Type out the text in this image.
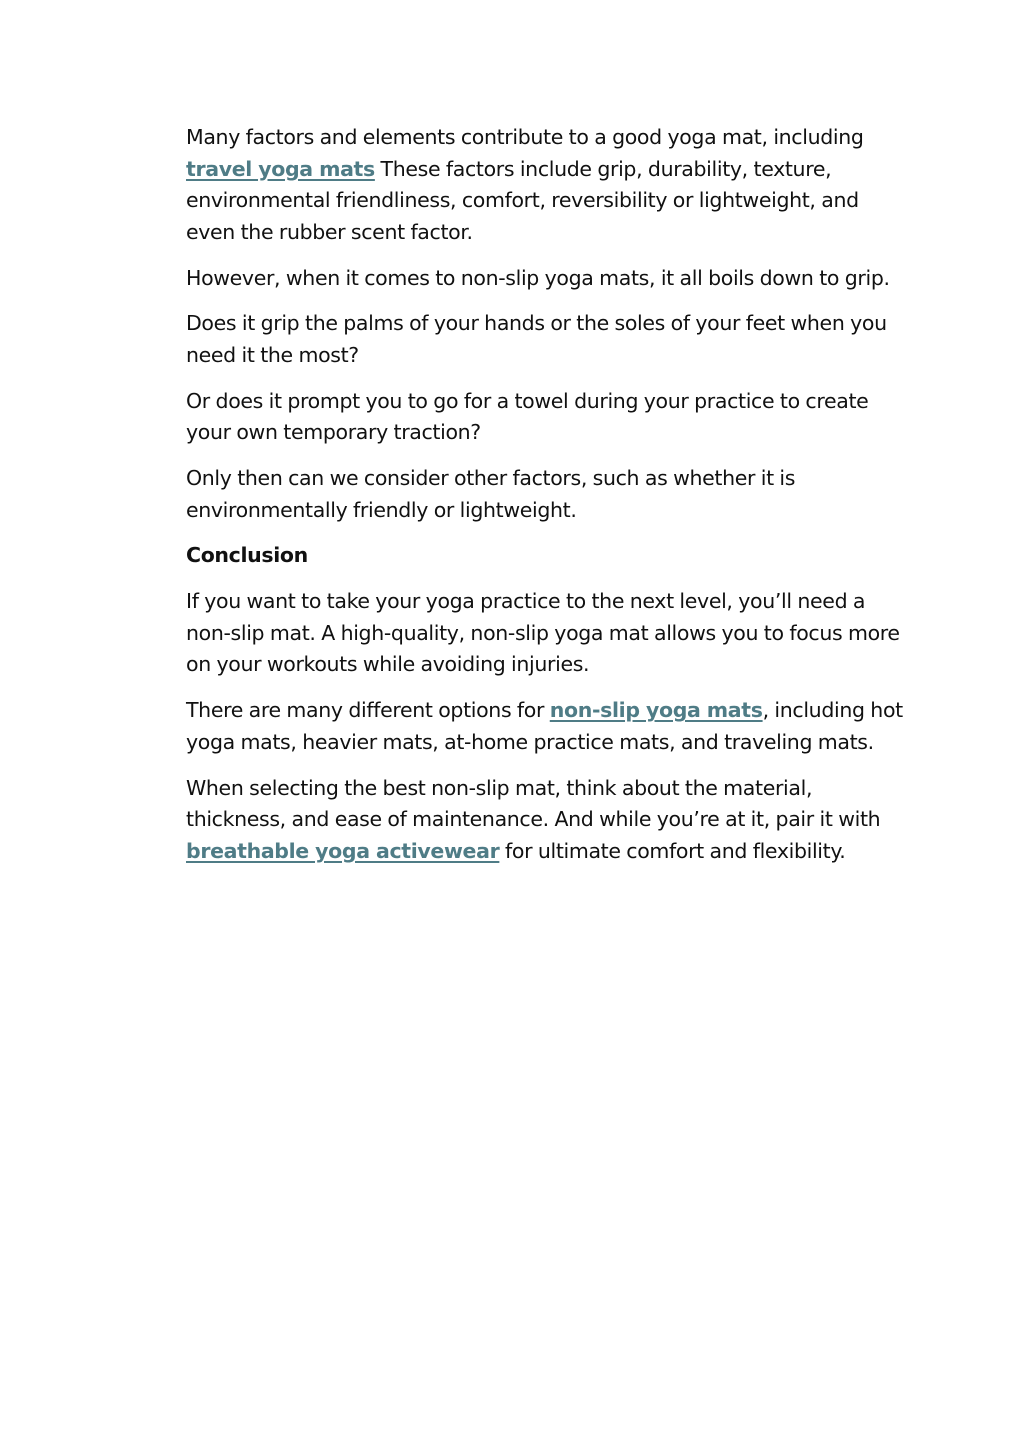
Many factors and elements contribute to a good yoga mat, including travel yoga mats These factors include grip, durability, texture, environmental friendliness, comfort, reversibility or lightweight, and even the rubber scent factor.

However, when it comes to non-slip yoga mats, it all boils down to grip.

Does it grip the palms of your hands or the soles of your feet when you need it the most?

Or does it prompt you to go for a towel during your practice to create your own temporary traction?

Only then can we consider other factors, such as whether it is environmentally friendly or lightweight.

Conclusion

If you want to take your yoga practice to the next level, you’ll need a non-slip mat. A high-quality, non-slip yoga mat allows you to focus more on your workouts while avoiding injuries.

There are many different options for non-slip yoga mats, including hot yoga mats, heavier mats, at-home practice mats, and traveling mats.

When selecting the best non-slip mat, think about the material, thickness, and ease of maintenance. And while you’re at it, pair it with breathable yoga activewear for ultimate comfort and flexibility.
